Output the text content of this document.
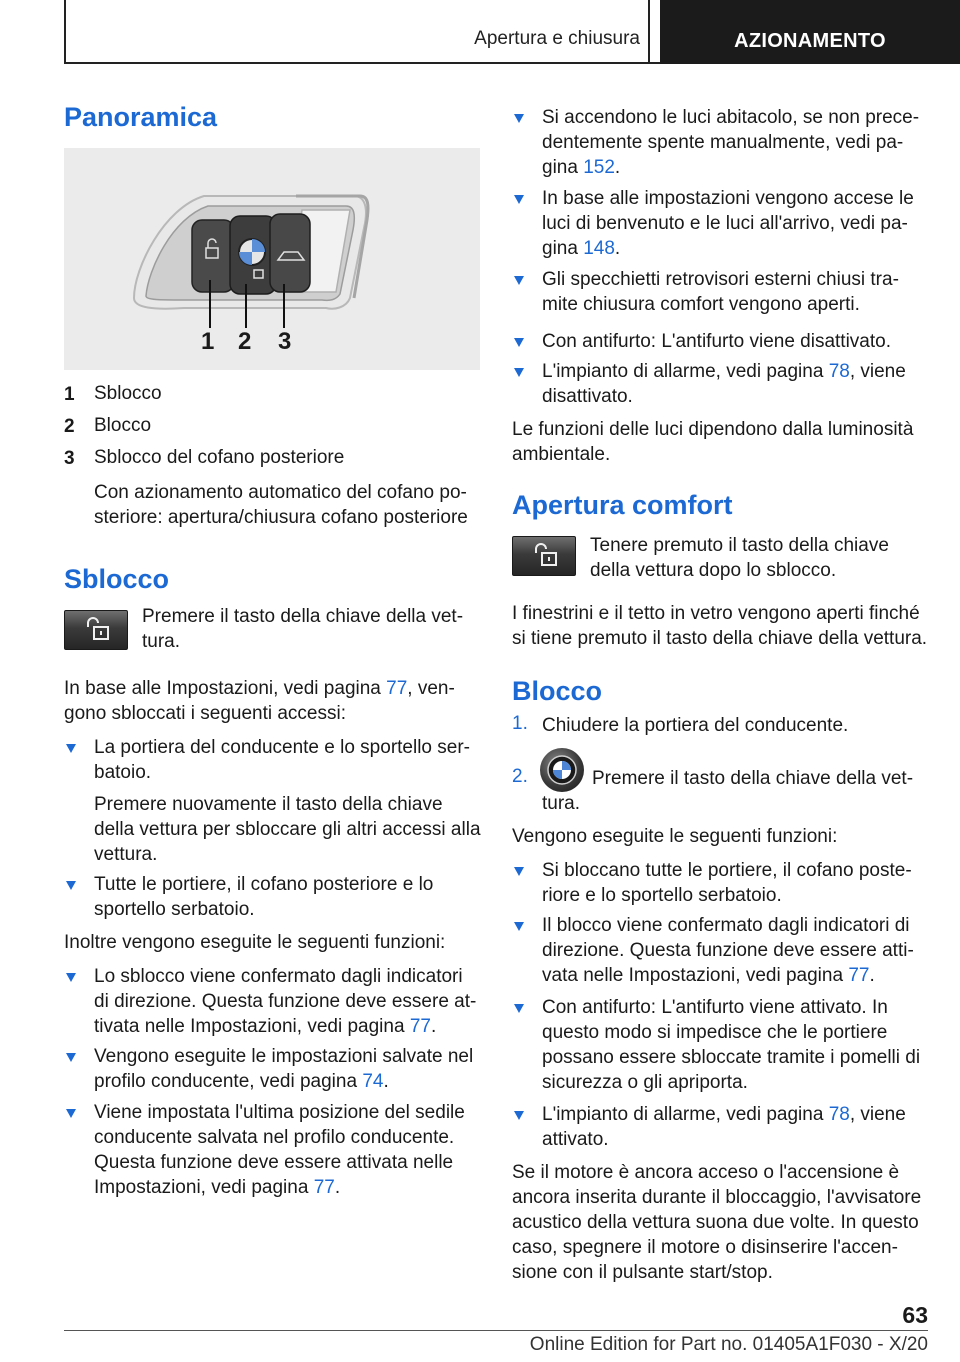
Apertura e chiusura	AZIONAMENTO
Panoramica
1 2 3
1 Sblocco
2 Blocco
3 Sblocco del cofano posteriore
Con azionamento automatico del cofano po-
steriore: apertura/chiusura cofano posteriore
Sblocco
Premere il tasto della chiave della vet-
tura.
In base alle Impostazioni, vedi pagina 77, ven-
gono sbloccati i seguenti accessi:
La portiera del conducente e lo sportello ser-
batoio.
Premere nuovamente il tasto della chiave
della vettura per sbloccare gli altri accessi alla
vettura.
Tutte le portiere, il cofano posteriore e lo
sportello serbatoio.
Inoltre vengono eseguite le seguenti funzioni:
Lo sblocco viene confermato dagli indicatori
di direzione. Questa funzione deve essere at-
tivata nelle Impostazioni, vedi pagina 77.
Vengono eseguite le impostazioni salvate nel
profilo conducente, vedi pagina 74.
Viene impostata l'ultima posizione del sedile
conducente salvata nel profilo conducente.
Questa funzione deve essere attivata nelle
Impostazioni, vedi pagina 77.
Si accendono le luci abitacolo, se non prece-
dentemente spente manualmente, vedi pa-
gina 152.
In base alle impostazioni vengono accese le
luci di benvenuto e le luci all'arrivo, vedi pa-
gina 148.
Gli specchietti retrovisori esterni chiusi tra-
mite chiusura comfort vengono aperti.
Con antifurto: L'antifurto viene disattivato.
L'impianto di allarme, vedi pagina 78, viene
disattivato.
Le funzioni delle luci dipendono dalla luminosità
ambientale.
Apertura comfort
Tenere premuto il tasto della chiave
della vettura dopo lo sblocco.
I finestrini e il tetto in vetro vengono aperti finché
si tiene premuto il tasto della chiave della vettura.
Blocco
1. Chiudere la portiera del conducente.
2.	Premere il tasto della chiave della vet-
tura.
Vengono eseguite le seguenti funzioni:
Si bloccano tutte le portiere, il cofano poste-
riore e lo sportello serbatoio.
Il blocco viene confermato dagli indicatori di
direzione. Questa funzione deve essere atti-
vata nelle Impostazioni, vedi pagina 77.
Con antifurto: L'antifurto viene attivato. In
questo modo si impedisce che le portiere
possano essere sbloccate tramite i pomelli di
sicurezza o gli apriporta.
L'impianto di allarme, vedi pagina 78, viene
attivato.
Se il motore è ancora acceso o l'accensione è
ancora inserita durante il bloccaggio, l'avvisatore
acustico della vettura suona due volte. In questo
caso, spegnere il motore o disinserire l'accen-
sione con il pulsante start/stop.
63
Online Edition for Part no. 01405A1F030 - X/20
